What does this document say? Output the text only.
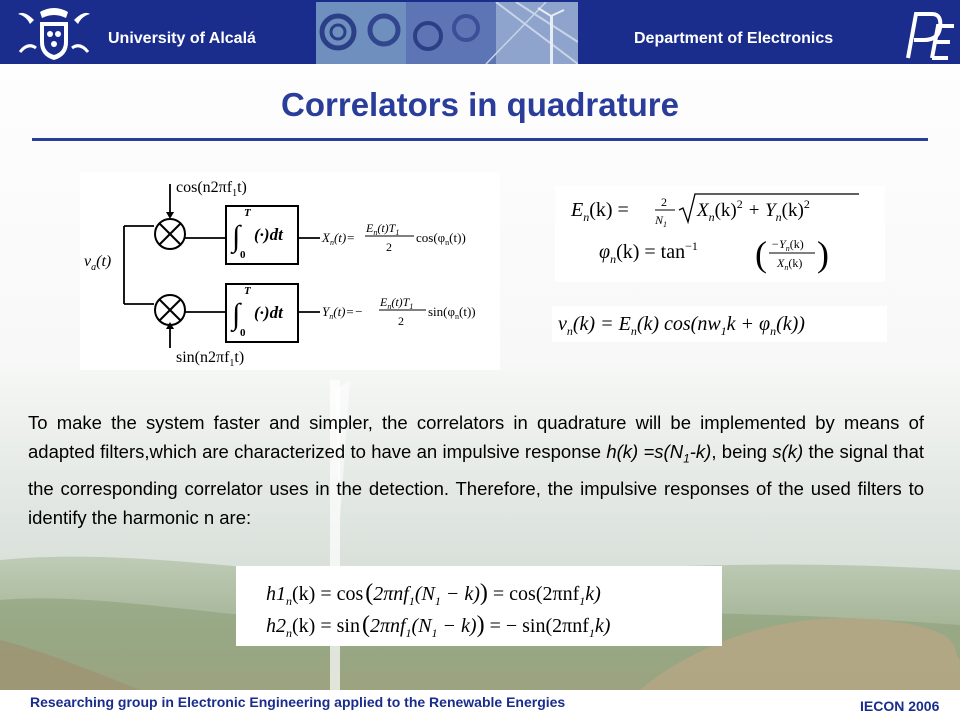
University of Alcalá	Department of Electronics
Correlators in quadrature
$v_a(t)$
$\cos(n2\pi f_1t)$
∫
T
0
(·)dt	$X_n(t)=$
$E_n(t)T_1$
2
$\cos(\varphi_n(t))$
$\sin(n2\pi f_1t)$
∫
T
0
(·)dt	$Y_n(t)=-$
$E_n(t)T_1$
2
$\sin(\varphi_n(t))$
$E_n(k)$ =	2
$N_1$
$X_n(k)^2 + Y_n(k)^2$
$\varphi_n(k) = \tan^{-1}$ ( $-Y_n(k)$
$X_n(k)$ )
$v_n(k) = E_n(k) \cos(nw_1k + \varphi_n(k))$
To make the system faster and simpler, the correlators in quadrature will be implemented by means of adapted filters,which are characterized to have an impulsive response $h(k) =s(N_1-k)$, being s(k) the signal that the corresponding correlator uses in the detection. Therefore, the impulsive responses of the used filters to identify the harmonic n are:
$h1_n(k) = \cos(2\pi nf_1(N_1 - k)) = \cos(2\pi nf_1k)$
$h2_n(k) = \sin(2\pi nf_1(N_1 - k))$ = − sin(2πnf$_1$k)
Researching group in Electronic Engineering applied to the Renewable Energies	IECON 2006
